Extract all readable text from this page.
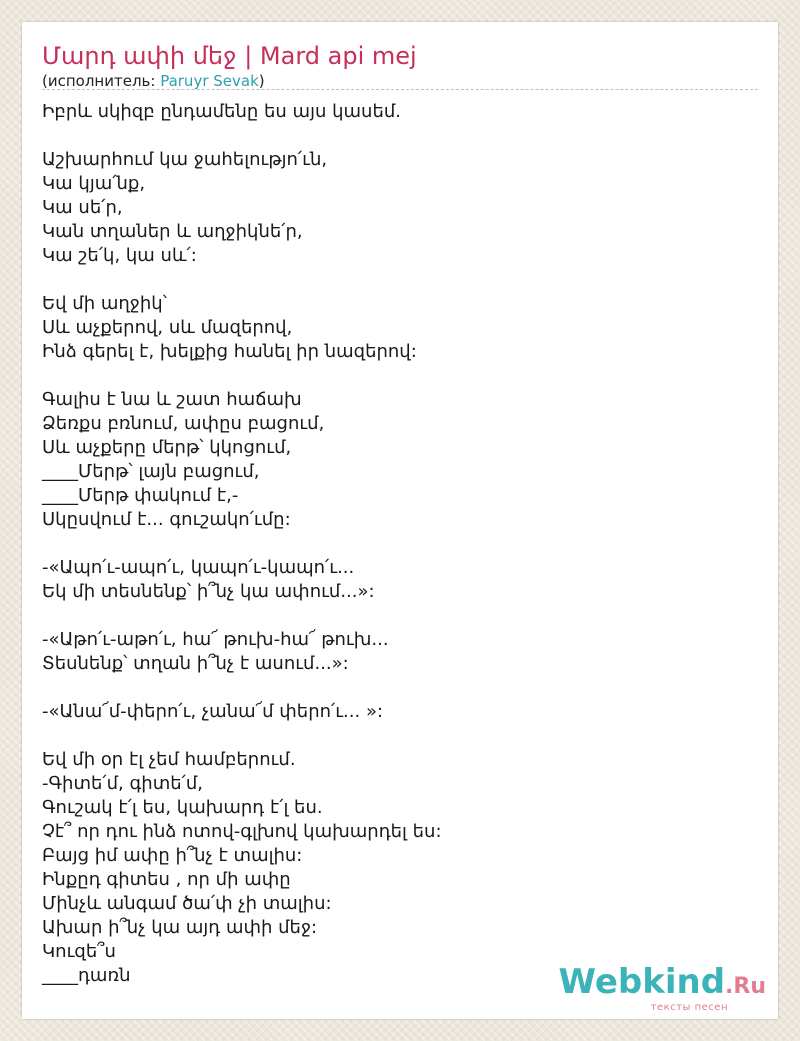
Մարդ ափի մեջ | Mard api mej
(исполнитель: Paruyr Sevak)
Իբրև սկիզբ ընդամենը ես այս կասեմ.
Աշխարհում կա ջահելությո՛ւն,
Կա կյա՛նք,
Կա սե՛ր,
Կան տղաներ և աղջիկնե՛ր,
Կա շե՛կ, կա սև՛:
Եվ մի աղջիկ՝
Սև աչքերով, սև մազերով,
Ինձ գերել է, խելքից հանել իր նազերով:
Գալիս է նա և շատ հաճախ
Ձեռքս բռնում, ափըս բացում,
Սև աչքերը մերթ՝ կկոցում,
____Մերթ՝ լայն բացում,
____Մերթ փակում է,-
Սկըսվում է... գուշակո՛ւմը:
-«Ապո՛ւ-ապո՛ւ, կապո՛ւ-կապո՛ւ...
Եկ մի տեսնենք՝ ի՞նչ կա ափում...»:
-«Աթո՛ւ-աթո՛ւ, հա՜ թուխ-հա՜ թուխ...
Տեսնենք՝ տղան ի՞նչ է ասում...»:
-«Անա՜մ-փերո՛ւ, չանա՜մ փերո՛ւ... »:
Եվ մի օր էլ չեմ համբերում.
-Գիտե՛մ, գիտե՛մ,
Գուշակ է՛լ ես, կախարդ է՛լ ես.
Չէ՞ որ դու ինձ ոտով-գլխով կախարդել ես:
Բայց իմ ափը ի՞նչ է տալիս:
Ինքըդ գիտես , որ մի ափը
Մինչև անգամ ծա՛փ չի տալիս:
Ախար ի՞նչ կա այդ ափի մեջ:
Կուզե՞ս
____դառն	Webkind.Ru
тексты песен
